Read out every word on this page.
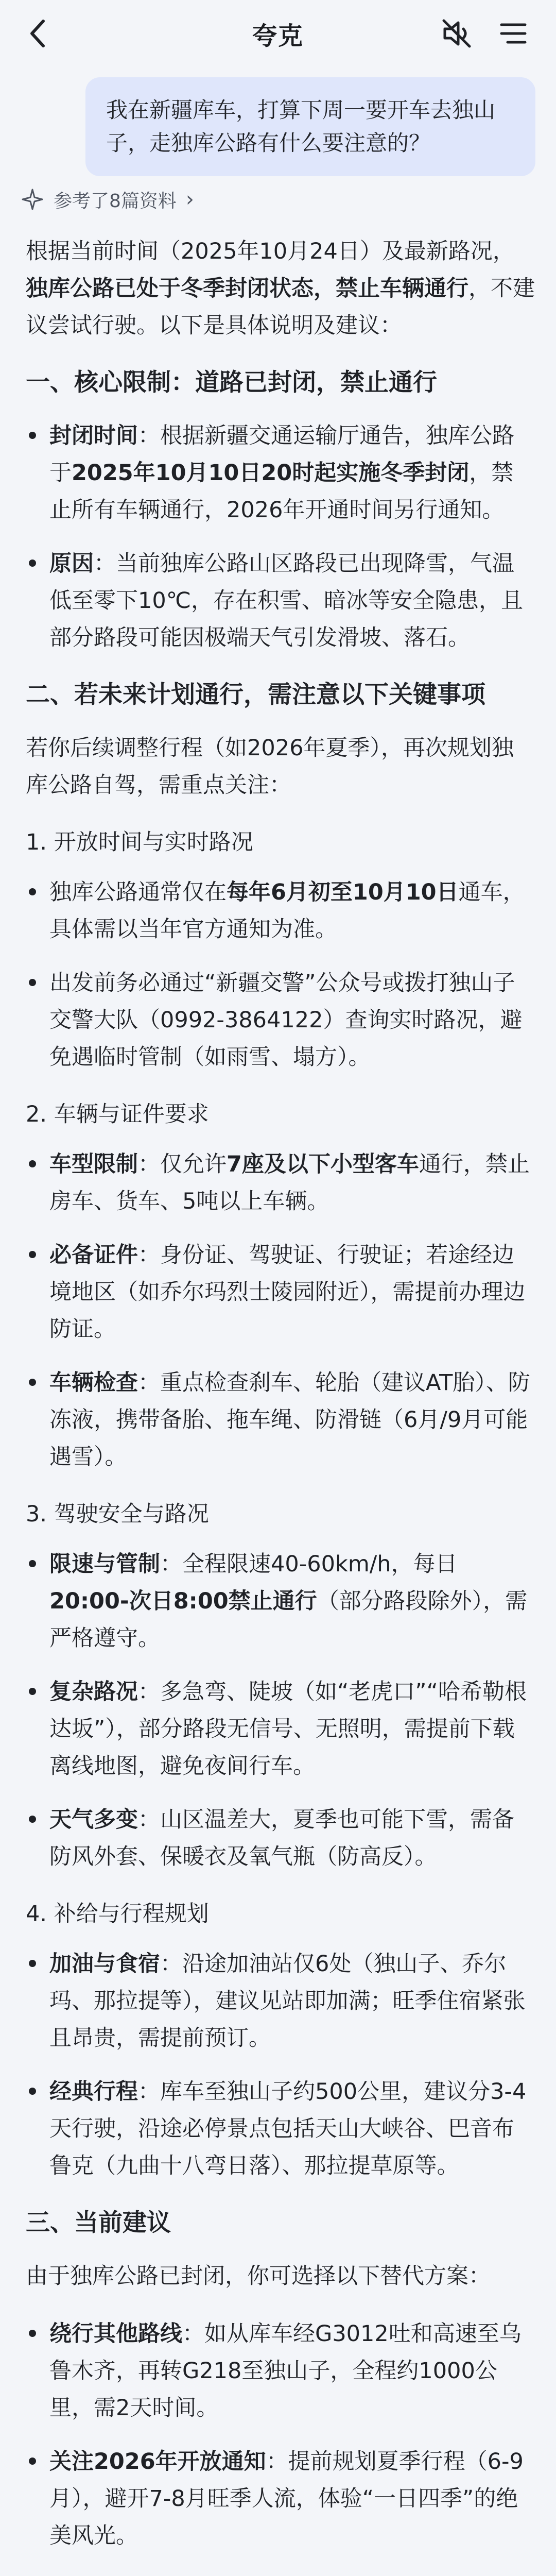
夸克
我在新疆库车，打算下周一要开车去独山子，走独库公路有什么要注意的？
参考了8篇资料 ›

根据当前时间（2025年10月24日）及最新路况，独库公路已处于冬季封闭状态，禁止车辆通行，不建议尝试行驶。以下是具体说明及建议：

一、核心限制：道路已封闭，禁止通行
封闭时间：根据新疆交通运输厅通告，独库公路于2025年10月10日20时起实施冬季封闭，禁止所有车辆通行，2026年开通时间另行通知。
原因：当前独库公路山区路段已出现降雪，气温低至零下10℃，存在积雪、暗冰等安全隐患，且部分路段可能因极端天气引发滑坡、落石。
二、若未来计划通行，需注意以下关键事项

若你后续调整行程（如2026年夏季），再次规划独库公路自驾，需重点关注：

1. 开放时间与实时路况
独库公路通常仅在每年6月初至10月10日通车，具体需以当年官方通知为准。
出发前务必通过“新疆交警”公众号或拨打独山子交警大队（0992-3864122）查询实时路况，避免遇临时管制（如雨雪、塌方）。
2. 车辆与证件要求
车型限制：仅允许7座及以下小型客车通行，禁止房车、货车、5吨以上车辆。
必备证件：身份证、驾驶证、行驶证；若途经边境地区（如乔尔玛烈士陵园附近），需提前办理边防证。
车辆检查：重点检查刹车、轮胎（建议AT胎）、防冻液，携带备胎、拖车绳、防滑链（6月/9月可能遇雪）。
3. 驾驶安全与路况
限速与管制：全程限速40-60km/h，每日20:00-次日8:00禁止通行（部分路段除外），需严格遵守。
复杂路况：多急弯、陡坡（如“老虎口”“哈希勒根达坂”），部分路段无信号、无照明，需提前下载离线地图，避免夜间行车。
天气多变：山区温差大，夏季也可能下雪，需备防风外套、保暖衣及氧气瓶（防高反）。
4. 补给与行程规划
加油与食宿：沿途加油站仅6处（独山子、乔尔玛、那拉提等），建议见站即加满；旺季住宿紧张且昂贵，需提前预订。
经典行程：库车至独山子约500公里，建议分3-4天行驶，沿途必停景点包括天山大峡谷、巴音布鲁克（九曲十八弯日落）、那拉提草原等。
三、当前建议

由于独库公路已封闭，你可选择以下替代方案：

绕行其他路线：如从库车经G3012吐和高速至乌鲁木齐，再转G218至独山子，全程约1000公里，需2天时间。
关注2026年开放通知：提前规划夏季行程（6-9月），避开7-8月旺季人流，体验“一日四季”的绝美风光。
